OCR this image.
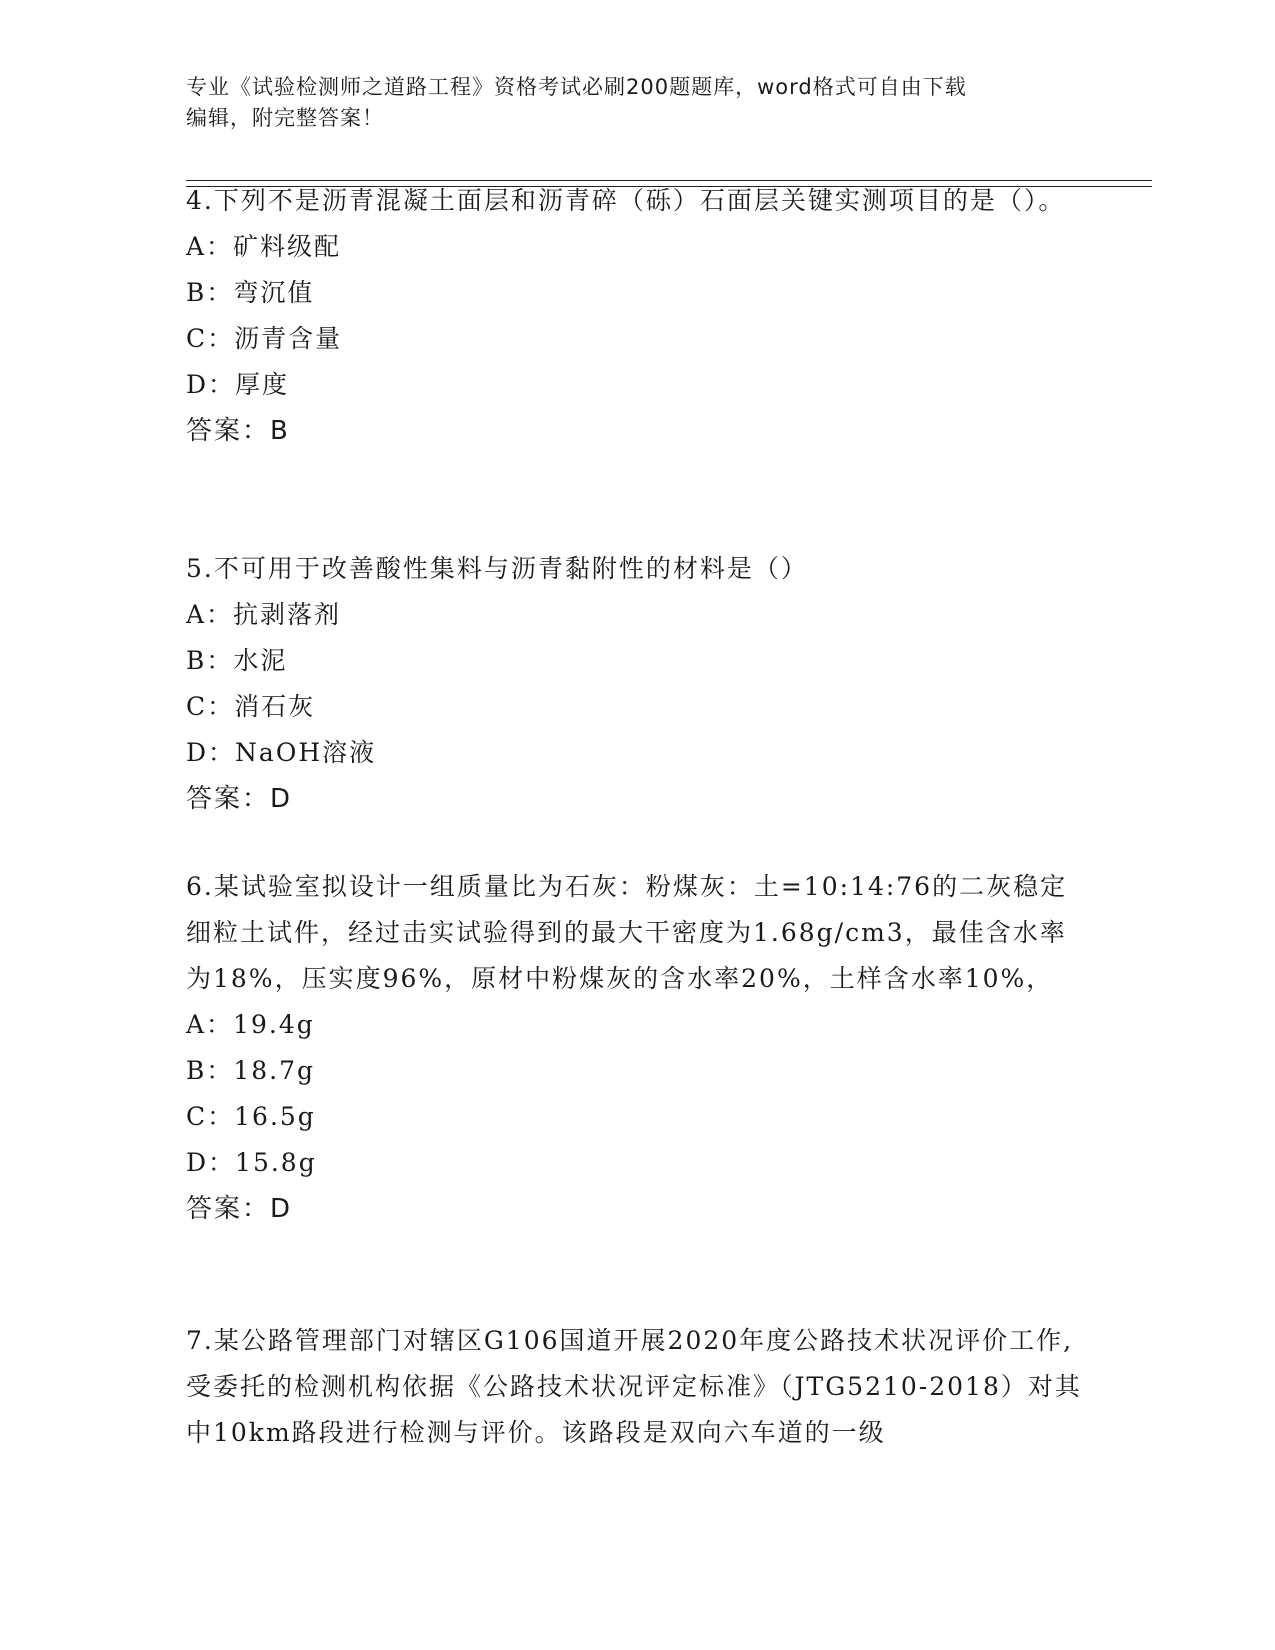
专业《试验检测师之道路工程》资格考试必刷200题题库，word格式可自由下载
编辑，附完整答案！
4.下列不是沥青混凝土面层和沥青碎（砾）石面层关键实测项目的是（）。
A：矿料级配
B：弯沉值
C：沥青含量
D：厚度
答案：B
5.不可用于改善酸性集料与沥青黏附性的材料是（）
A：抗剥落剂
B：水泥
C：消石灰
D：NaOH溶液
答案：D
6.某试验室拟设计一组质量比为石灰：粉煤灰：土=10:14:76的二灰稳定细粒土试件，经过击实试验得到的最大干密度为1.68g/cm3，最佳含水率为18%，压实度96%，原材中粉煤灰的含水率20%，土样含水率10%，
A：19.4g
B：18.7g
C：16.5g
D：15.8g
答案：D
7.某公路管理部门对辖区G106国道开展2020年度公路技术状况评价工作,受委托的检测机构依据《公路技术状况评定标准》（JTG5210-2018）对其中10km路段进行检测与评价。该路段是双向六车道的一级
